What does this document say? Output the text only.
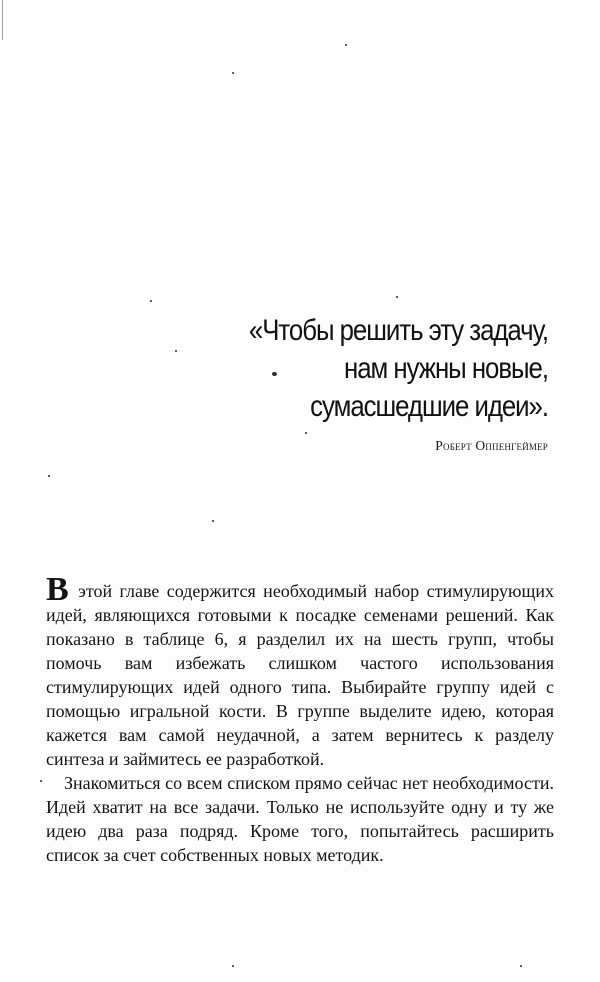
«Чтобы решить эту задачу,
нам нужны новые,
сумасшедшие идеи».
Роберт Оппенгеймер

В этой главе содержится необходимый набор стимулирующих идей, являющихся готовыми к посадке семенами решений. Как показано в таблице 6, я разделил их на шесть групп, чтобы помочь вам избежать слишком частого использования стимулирующих идей одного типа. Выбирайте группу идей с помощью игральной кости. В группе выделите идею, которая кажется вам самой неудачной, а затем вернитесь к разделу синтеза и займитесь ее разработкой.

Знакомиться со всем списком прямо сейчас нет необходимости. Идей хватит на все задачи. Только не используйте одну и ту же идею два раза подряд. Кроме того, попытайтесь расширить список за счет собственных новых методик.
